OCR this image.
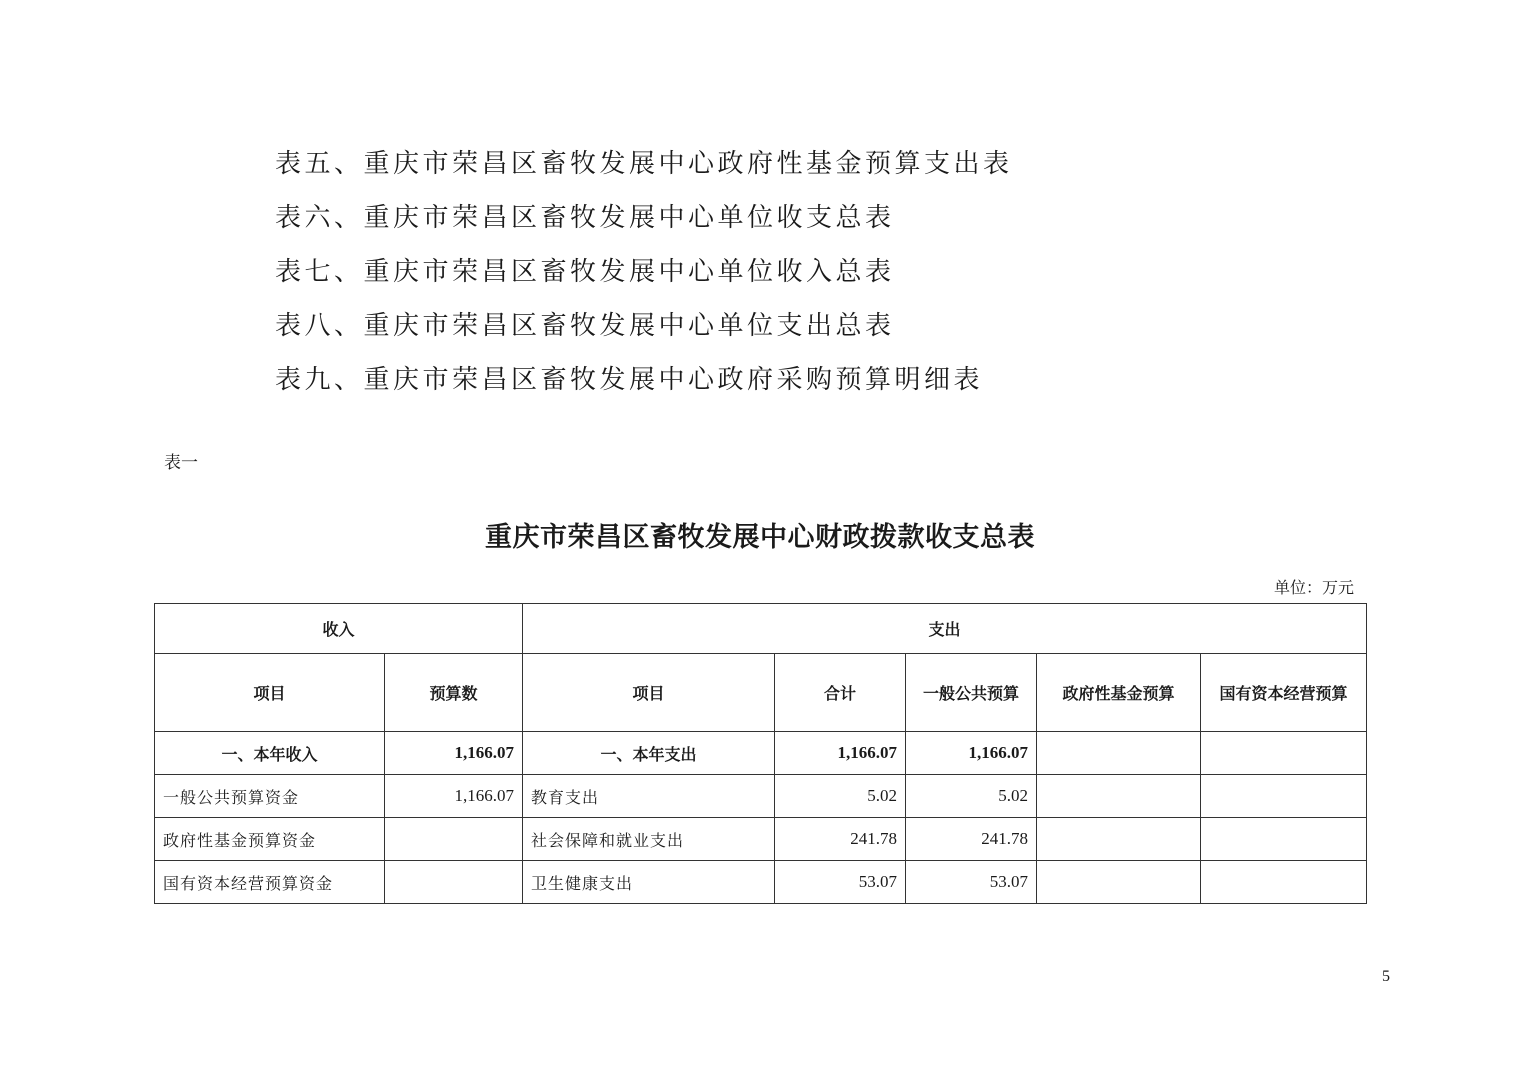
表五、重庆市荣昌区畜牧发展中心政府性基金预算支出表
表六、重庆市荣昌区畜牧发展中心单位收支总表
表七、重庆市荣昌区畜牧发展中心单位收入总表
表八、重庆市荣昌区畜牧发展中心单位支出总表
表九、重庆市荣昌区畜牧发展中心政府采购预算明细表
表一
重庆市荣昌区畜牧发展中心财政拨款收支总表
单位：万元
收入		支出				
项目	预算数	项目	合计	一般公共预算	政府性基金预算	国有资本经营预算
一、本年收入	1,166.07	一、本年支出	1,166.07	1,166.07		
一般公共预算资金	1,166.07	教育支出	5.02	5.02		
政府性基金预算资金		社会保障和就业支出	241.78	241.78		
国有资本经营预算资金		卫生健康支出	53.07	53.07		
5
